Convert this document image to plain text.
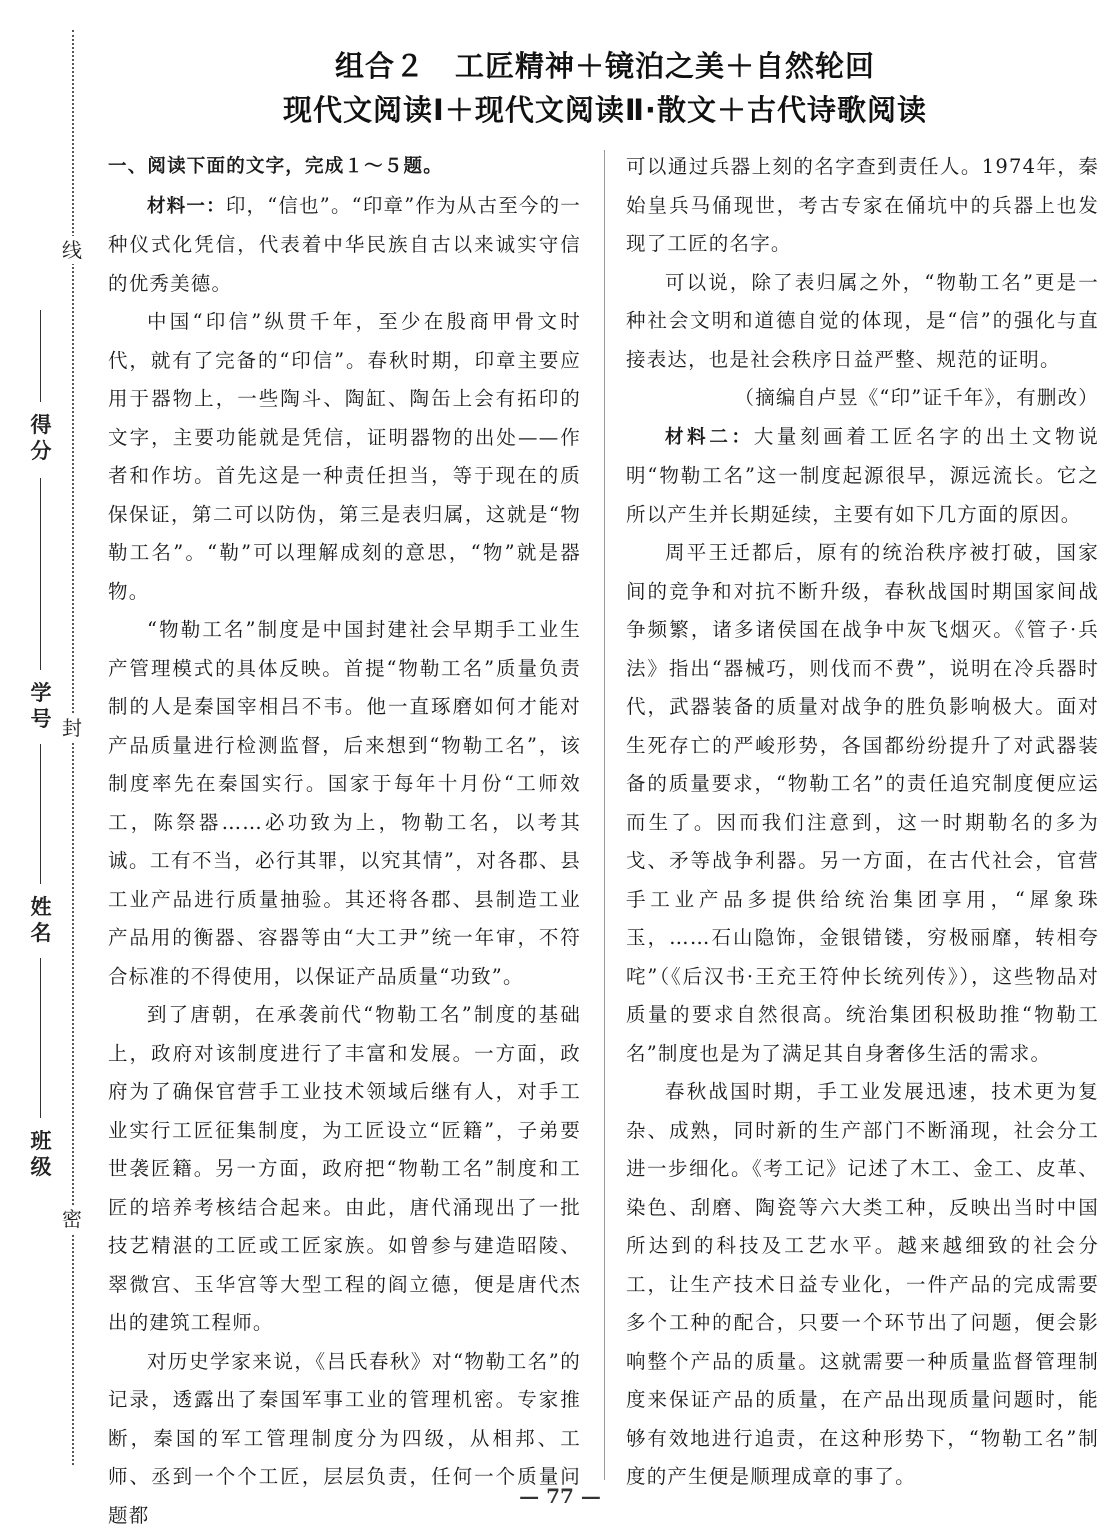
线
封
密
得分
学号
姓名
班级
组合２　工匠精神＋镜泊之美＋自然轮回
现代文阅读Ⅰ＋现代文阅读Ⅱ·散文＋古代诗歌阅读

一、阅读下面的文字，完成１～５题。

材料一：印，“信也”。“印章”作为从古至今的一种仪式化凭信，代表着中华民族自古以来诚实守信的优秀美德。

中国“印信”纵贯千年，至少在殷商甲骨文时代，就有了完备的“印信”。春秋时期，印章主要应用于器物上，一些陶斗、陶缸、陶缶上会有拓印的文字，主要功能就是凭信，证明器物的出处——作者和作坊。首先这是一种责任担当，等于现在的质保保证，第二可以防伪，第三是表归属，这就是“物勒工名”。“勒”可以理解成刻的意思，“物”就是器物。

“物勒工名”制度是中国封建社会早期手工业生产管理模式的具体反映。首提“物勒工名”质量负责制的人是秦国宰相吕不韦。他一直琢磨如何才能对产品质量进行检测监督，后来想到“物勒工名”，该制度率先在秦国实行。国家于每年十月份“工师效工，陈祭器……必功致为上，物勒工名，以考其诚。工有不当，必行其罪，以究其情”，对各郡、县工业产品进行质量抽验。其还将各郡、县制造工业产品用的衡器、容器等由“大工尹”统一年审，不符合标准的不得使用，以保证产品质量“功致”。

到了唐朝，在承袭前代“物勒工名”制度的基础上，政府对该制度进行了丰富和发展。一方面，政府为了确保官营手工业技术领域后继有人，对手工业实行工匠征集制度，为工匠设立“匠籍”，子弟要世袭匠籍。另一方面，政府把“物勒工名”制度和工匠的培养考核结合起来。由此，唐代涌现出了一批技艺精湛的工匠或工匠家族。如曾参与建造昭陵、翠微宫、玉华宫等大型工程的阎立德，便是唐代杰出的建筑工程师。

对历史学家来说，《吕氏春秋》对“物勒工名”的记录，透露出了秦国军事工业的管理机密。专家推断，秦国的军工管理制度分为四级，从相邦、工师、丞到一个个工匠，层层负责，任何一个质量问题都

可以通过兵器上刻的名字查到责任人。1974年，秦始皇兵马俑现世，考古专家在俑坑中的兵器上也发现了工匠的名字。

可以说，除了表归属之外，“物勒工名”更是一种社会文明和道德自觉的体现，是“信”的强化与直接表达，也是社会秩序日益严整、规范的证明。

（摘编自卢昱《“印”证千年》，有删改）

材料二：大量刻画着工匠名字的出土文物说明“物勒工名”这一制度起源很早，源远流长。它之所以产生并长期延续，主要有如下几方面的原因。

周平王迁都后，原有的统治秩序被打破，国家间的竞争和对抗不断升级，春秋战国时期国家间战争频繁，诸多诸侯国在战争中灰飞烟灭。《管子·兵法》指出“器械巧，则伐而不费”，说明在冷兵器时代，武器装备的质量对战争的胜负影响极大。面对生死存亡的严峻形势，各国都纷纷提升了对武器装备的质量要求，“物勒工名”的责任追究制度便应运而生了。因而我们注意到，这一时期勒名的多为戈、矛等战争利器。另一方面，在古代社会，官营手工业产品多提供给统治集团享用，“犀象珠玉，……石山隐饰，金银错镂，穷极丽靡，转相夸咤”（《后汉书·王充王符仲长统列传》），这些物品对质量的要求自然很高。统治集团积极助推“物勒工名”制度也是为了满足其自身奢侈生活的需求。

春秋战国时期，手工业发展迅速，技术更为复杂、成熟，同时新的生产部门不断涌现，社会分工进一步细化。《考工记》记述了木工、金工、皮革、染色、刮磨、陶瓷等六大类工种，反映出当时中国所达到的科技及工艺水平。越来越细致的社会分工，让生产技术日益专业化，一件产品的完成需要多个工种的配合，只要一个环节出了问题，便会影响整个产品的质量。这就需要一种质量监督管理制度来保证产品的质量，在产品出现质量问题时，能够有效地进行追责，在这种形势下，“物勒工名”制度的产生便是顺理成章的事了。

— 77 —
